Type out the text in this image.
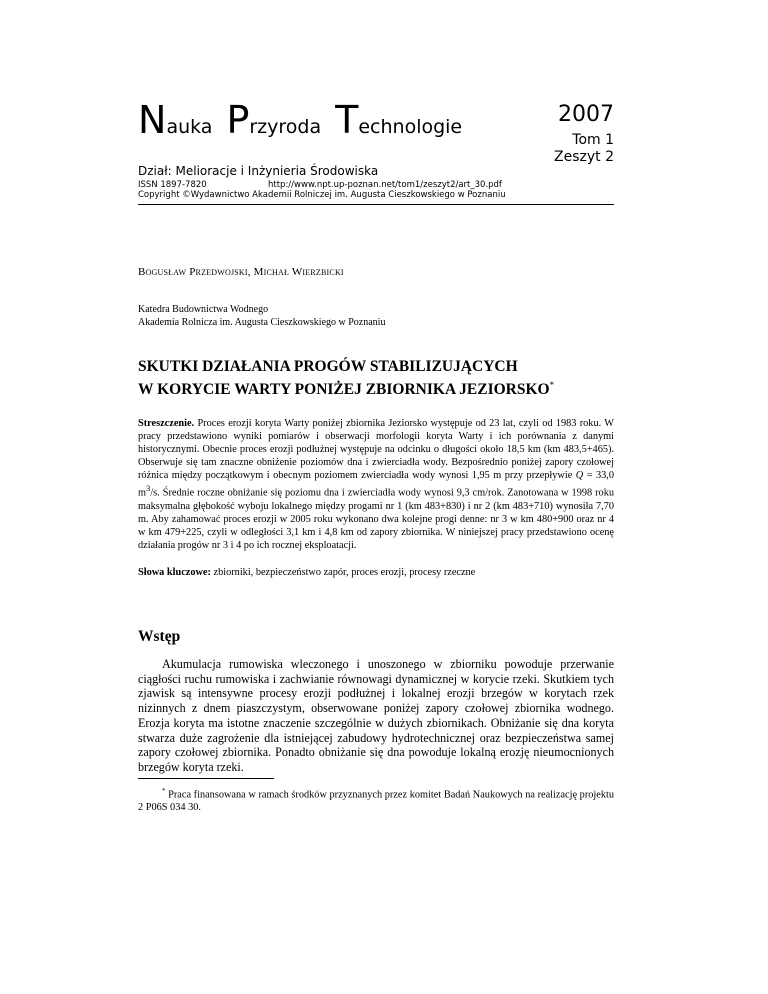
Nauka Przyroda Technologie	2007
Tom 1
Zeszyt 2
Dział: Melioracje i Inżynieria Środowiska
ISSN 1897-7820	http://www.npt.up-poznan.net/tom1/zeszyt2/art_30.pdf
Copyright ©Wydawnictwo Akademii Rolniczej im. Augusta Cieszkowskiego w Poznaniu
Bogusław Przedwojski, Michał Wierzbicki
Katedra Budownictwa Wodnego
Akademia Rolnicza im. Augusta Cieszkowskiego w Poznaniu
SKUTKI DZIAŁANIA PROGÓW STABILIZUJĄCYCH
W KORYCIE WARTY PONIŻEJ ZBIORNIKA JEZIORSKO*
Streszczenie. Proces erozji koryta Warty poniżej zbiornika Jeziorsko występuje od 23 lat, czyli od 1983 roku. W pracy przedstawiono wyniki pomiarów i obserwacji morfologii koryta Warty i ich porównania z danymi historycznymi. Obecnie proces erozji podłużnej występuje na odcinku o długości około 18,5 km (km 483,5+465). Obserwuje się tam znaczne obniżenie poziomów dna i zwierciadła wody. Bezpośrednio poniżej zapory czołowej różnica między początkowym i obecnym poziomem zwierciadła wody wynosi 1,95 m przy przepływie Q = 33,0 $m^3/s$. Średnie roczne obniżanie się poziomu dna i zwierciadła wody wynosi 9,3 cm/rok. Zanotowana w 1998 roku maksymalna głębokość wyboju lokalnego między progami nr 1 (km 483+830) i nr 2 (km 483+710) wynosiła 7,70 m. Aby zahamować proces erozji w 2005 roku wykonano dwa kolejne progi denne: nr 3 w km 480+900 oraz nr 4 w km 479+225, czyli w odległości 3,1 km i 4,8 km od zapory zbiornika. W niniejszej pracy przedstawiono ocenę działania progów nr 3 i 4 po ich rocznej eksploatacji.
Słowa kluczowe: zbiorniki, bezpieczeństwo zapór, proces erozji, procesy rzeczne
Wstęp
Akumulacja rumowiska wleczonego i unoszonego w zbiorniku powoduje przerwanie ciągłości ruchu rumowiska i zachwianie równowagi dynamicznej w korycie rzeki. Skutkiem tych zjawisk są intensywne procesy erozji podłużnej i lokalnej erozji brzegów w korytach rzek nizinnych z dnem piaszczystym, obserwowane poniżej zapory czołowej zbiornika wodnego. Erozja koryta ma istotne znaczenie szczególnie w dużych zbiornikach. Obniżanie się dna koryta stwarza duże zagrożenie dla istniejącej zabudowy hydrotechnicznej oraz bezpieczeństwa samej zapory czołowej zbiornika. Ponadto obniżanie się dna powoduje lokalną erozję nieumocnionych brzegów koryta rzeki.
* Praca finansowana w ramach środków przyznanych przez komitet Badań Naukowych na realizację projektu 2 P06S 034 30.
